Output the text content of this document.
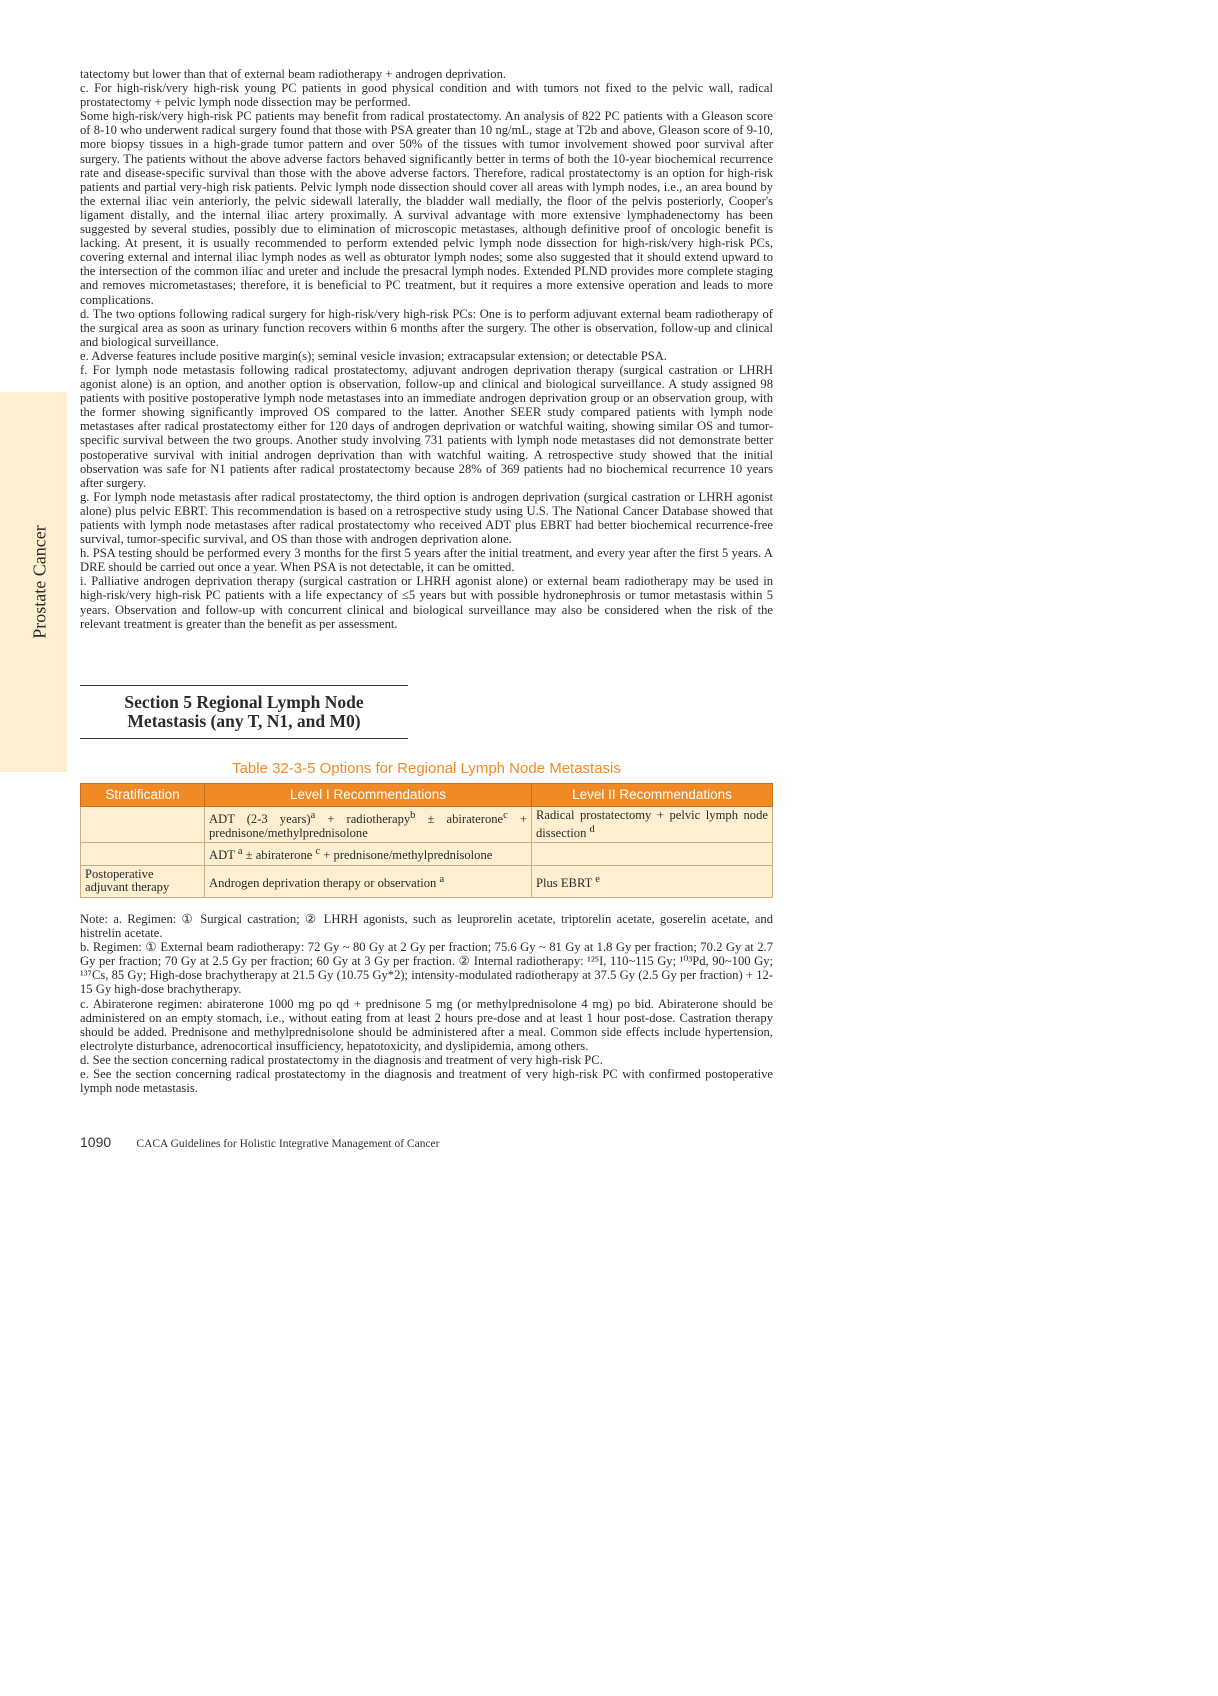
Prostate Cancer

tatectomy but lower than that of external beam radiotherapy + androgen deprivation.

c. For high-risk/very high-risk young PC patients in good physical condition and with tumors not fixed to the pelvic wall, radical prostatectomy + pelvic lymph node dissection may be performed.

Some high-risk/very high-risk PC patients may benefit from radical prostatectomy. An analysis of 822 PC patients with a Gleason score of 8-10 who underwent radical surgery found that those with PSA greater than 10 ng/mL, stage at T2b and above, Gleason score of 9-10, more biopsy tissues in a high-grade tumor pattern and over 50% of the tissues with tumor involvement showed poor survival after surgery. The patients without the above adverse factors behaved significantly better in terms of both the 10-year biochemical recurrence rate and disease-specific survival than those with the above adverse factors. Therefore, radical prostatectomy is an option for high-risk patients and partial very-high risk patients. Pelvic lymph node dissection should cover all areas with lymph nodes, i.e., an area bound by the external iliac vein anteriorly, the pelvic sidewall laterally, the bladder wall medially, the floor of the pelvis posteriorly, Cooper's ligament distally, and the internal iliac artery proximally. A survival advantage with more extensive lymphadenectomy has been suggested by several studies, possibly due to elimination of microscopic metastases, although definitive proof of oncologic benefit is lacking. At present, it is usually recommended to perform extended pelvic lymph node dissection for high-risk/very high-risk PCs, covering external and internal iliac lymph nodes as well as obturator lymph nodes; some also suggested that it should extend upward to the intersection of the common iliac and ureter and include the presacral lymph nodes. Extended PLND provides more complete staging and removes micrometastases; therefore, it is beneficial to PC treatment, but it requires a more extensive operation and leads to more complications.

d. The two options following radical surgery for high-risk/very high-risk PCs: One is to perform adjuvant external beam radiotherapy of the surgical area as soon as urinary function recovers within 6 months after the surgery. The other is observation, follow-up and clinical and biological surveillance.

e. Adverse features include positive margin(s); seminal vesicle invasion; extracapsular extension; or detectable PSA.

f. For lymph node metastasis following radical prostatectomy, adjuvant androgen deprivation therapy (surgical castration or LHRH agonist alone) is an option, and another option is observation, follow-up and clinical and biological surveillance. A study assigned 98 patients with positive postoperative lymph node metastases into an immediate androgen deprivation group or an observation group, with the former showing significantly improved OS compared to the latter. Another SEER study compared patients with lymph node metastases after radical prostatectomy either for 120 days of androgen deprivation or watchful waiting, showing similar OS and tumor-specific survival between the two groups. Another study involving 731 patients with lymph node metastases did not demonstrate better postoperative survival with initial androgen deprivation than with watchful waiting. A retrospective study showed that the initial observation was safe for N1 patients after radical prostatectomy because 28% of 369 patients had no biochemical recurrence 10 years after surgery.

g. For lymph node metastasis after radical prostatectomy, the third option is androgen deprivation (surgical castration or LHRH agonist alone) plus pelvic EBRT. This recommendation is based on a retrospective study using U.S. The National Cancer Database showed that patients with lymph node metastases after radical prostatectomy who received ADT plus EBRT had better biochemical recurrence-free survival, tumor-specific survival, and OS than those with androgen deprivation alone.

h. PSA testing should be performed every 3 months for the first 5 years after the initial treatment, and every year after the first 5 years. A DRE should be carried out once a year. When PSA is not detectable, it can be omitted.

i. Palliative androgen deprivation therapy (surgical castration or LHRH agonist alone) or external beam radiotherapy may be used in high-risk/very high-risk PC patients with a life expectancy of ≤5 years but with possible hydronephrosis or tumor metastasis within 5 years. Observation and follow-up with concurrent clinical and biological surveillance may also be considered when the risk of the relevant treatment is greater than the benefit as per assessment.

Section 5 Regional Lymph Node
Metastasis (any T, N1, and M0)
Table 32-3-5 Options for Regional Lymph Node Metastasis
Stratification	Level I Recommendations	Level II Recommendations
	ADT (2-3 years)$^a$ + radiotherapy$^b$ ± abiraterone$^c$ + prednisone/methylprednisolone	Radical prostatectomy + pelvic lymph node dissection $^d$
	ADT $^a$ ± abiraterone $^c$ + prednisone/methylprednisolone	
Postoperative adjuvant therapy	Androgen deprivation therapy or observation $^a$	Plus EBRT $^e$

Note: a. Regimen: ① Surgical castration; ② LHRH agonists, such as leuprorelin acetate, triptorelin acetate, goserelin acetate, and histrelin acetate.

b. Regimen: ① External beam radiotherapy: 72 Gy ~ 80 Gy at 2 Gy per fraction; 75.6 Gy ~ 81 Gy at 1.8 Gy per fraction; 70.2 Gy at 2.7 Gy per fraction; 70 Gy at 2.5 Gy per fraction; 60 Gy at 3 Gy per fraction. ② Internal radiotherapy: ¹²⁵I, 110~115 Gy; ¹⁰³Pd, 90~100 Gy; ¹³⁷Cs, 85 Gy; High-dose brachytherapy at 21.5 Gy (10.75 Gy*2); intensity-modulated radiotherapy at 37.5 Gy (2.5 Gy per fraction) + 12-15 Gy high-dose brachytherapy.

c. Abiraterone regimen: abiraterone 1000 mg po qd + prednisone 5 mg (or methylprednisolone 4 mg) po bid. Abiraterone should be administered on an empty stomach, i.e., without eating from at least 2 hours pre-dose and at least 1 hour post-dose. Castration therapy should be added. Prednisone and methylprednisolone should be administered after a meal. Common side effects include hypertension, electrolyte disturbance, adrenocortical insufficiency, hepatotoxicity, and dyslipidemia, among others.

d. See the section concerning radical prostatectomy in the diagnosis and treatment of very high-risk PC.

e. See the section concerning radical prostatectomy in the diagnosis and treatment of very high-risk PC with confirmed postoperative lymph node metastasis.

1090 CACA Guidelines for Holistic Integrative Management of Cancer
